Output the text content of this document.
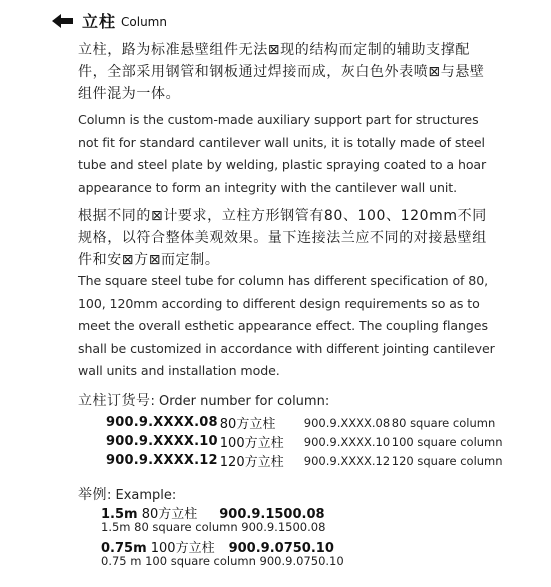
立柱 Column

立柱，路为标准悬壁组件无法⊠现的结构而定制的辅助支撑配件，全部采用钢管和钢板通过焊接而成，灰白色外表喷⊠与悬壁组件混为一体。

Column is the custom-made auxiliary support part for structures not fit for standard cantilever wall units, it is totally made of steel tube and steel plate by welding, plastic spraying coated to a hoar appearance to form an integrity with the cantilever wall unit.

根据不同的⊠计要求，立柱方形钢管有80、100、120mm不同规格，以符合整体美观效果。量下连接法兰应不同的对接悬壁组件和安⊠方⊠而定制。

The square steel tube for column has different specification of 80, 100, 120mm according to different design requirements so as to meet the overall esthetic appearance effect. The coupling flanges shall be customized in accordance with different jointing cantilever wall units and installation mode.

立柱订货号: Order number for column:
900.9.XXXX.08	80方立柱	900.9.XXXX.08	80 square column
900.9.XXXX.10	100方立柱	900.9.XXXX.10	100 square column
900.9.XXXX.12	120方立柱	900.9.XXXX.12	120 square column
举例: Example:
1.5m 80方立柱 900.9.1500.08
1.5m 80 square column 900.9.1500.08
0.75m 100方立柱 900.9.0750.10
0.75 m 100 square column 900.9.0750.10
